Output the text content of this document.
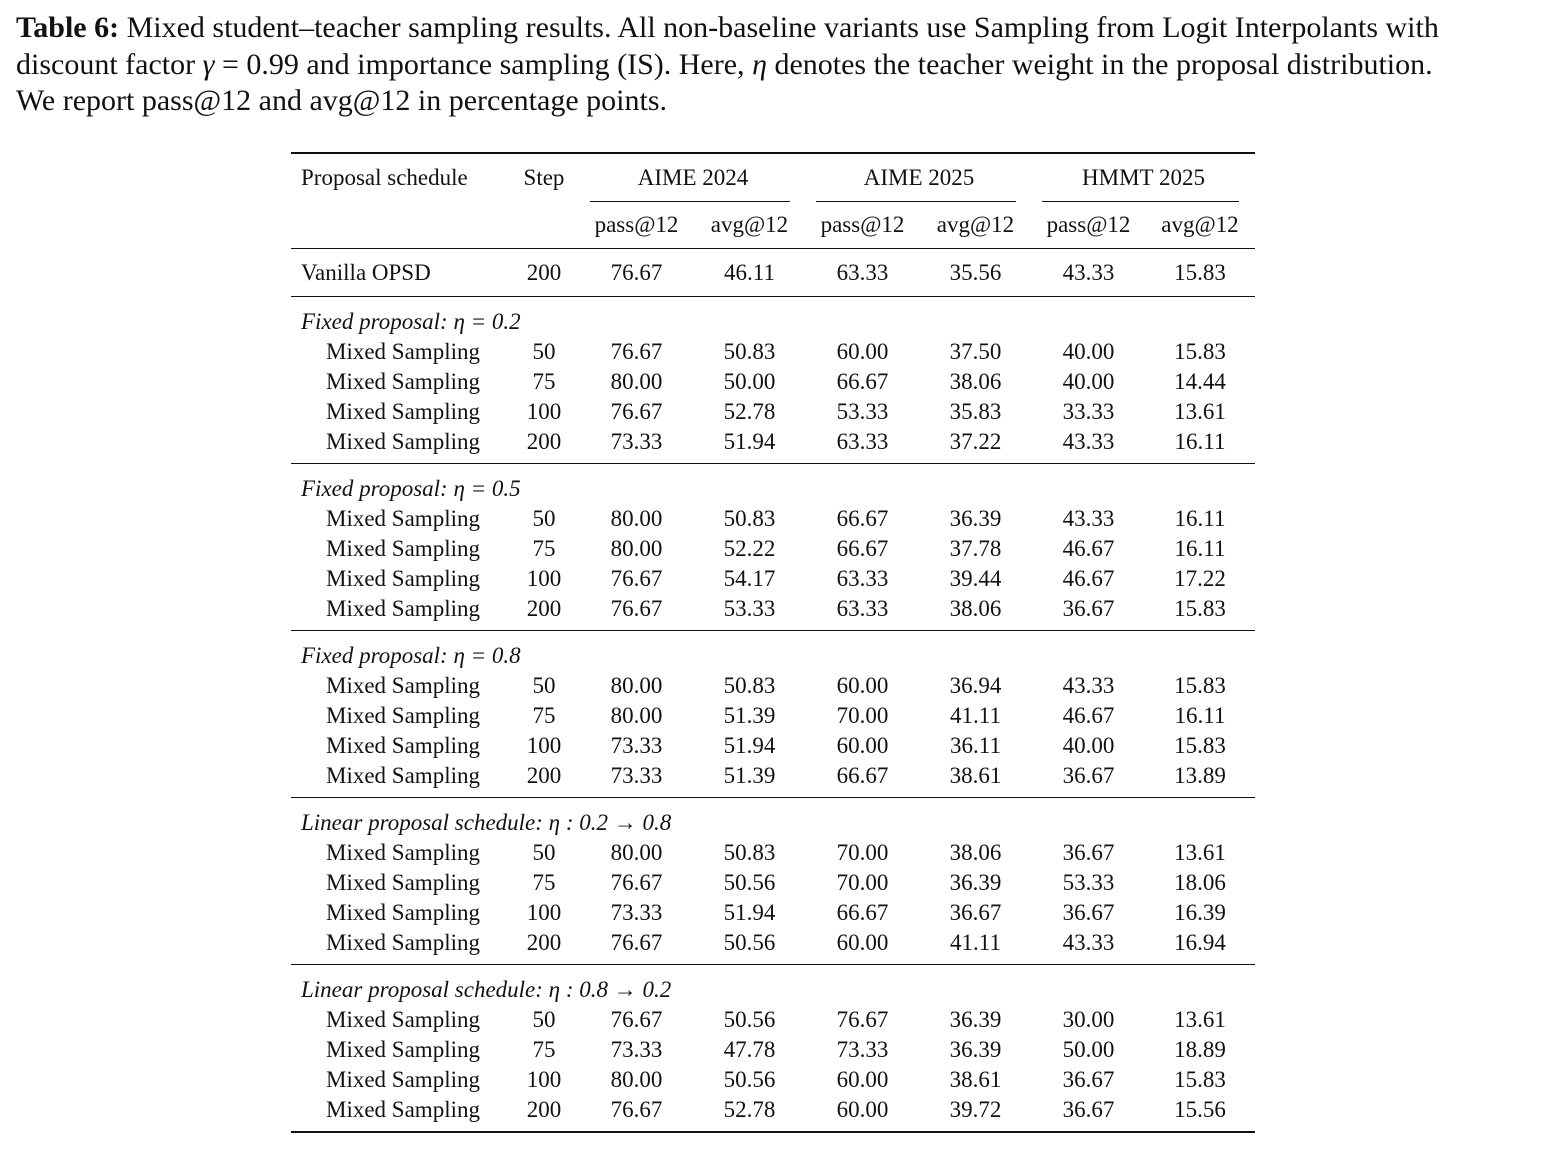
Table 6: Mixed student–teacher sampling results. All non-baseline variants use Sampling from Logit Interpolants with
discount factor γ = 0.99 and importance sampling (IS). Here, η denotes the teacher weight in the proposal distribution.
We report pass@12 and avg@12 in percentage points.

Proposal schedule	Step	AIME 2024		AIME 2025		HMMT 2025	

		pass@12	avg@12	pass@12	avg@12	pass@12	avg@12
Vanilla OPSD	200	76.67	46.11	63.33	35.56	43.33	15.83
Fixed proposal: η = 0.2							
Mixed Sampling	50	76.67	50.83	60.00	37.50	40.00	15.83
Mixed Sampling	75	80.00	50.00	66.67	38.06	40.00	14.44
Mixed Sampling	100	76.67	52.78	53.33	35.83	33.33	13.61
Mixed Sampling	200	73.33	51.94	63.33	37.22	43.33	16.11
Fixed proposal: η = 0.5							
Mixed Sampling	50	80.00	50.83	66.67	36.39	43.33	16.11
Mixed Sampling	75	80.00	52.22	66.67	37.78	46.67	16.11
Mixed Sampling	100	76.67	54.17	63.33	39.44	46.67	17.22
Mixed Sampling	200	76.67	53.33	63.33	38.06	36.67	15.83
Fixed proposal: η = 0.8							
Mixed Sampling	50	80.00	50.83	60.00	36.94	43.33	15.83
Mixed Sampling	75	80.00	51.39	70.00	41.11	46.67	16.11
Mixed Sampling	100	73.33	51.94	60.00	36.11	40.00	15.83
Mixed Sampling	200	73.33	51.39	66.67	38.61	36.67	13.89
Linear proposal schedule: η : 0.2 → 0.8							
Mixed Sampling	50	80.00	50.83	70.00	38.06	36.67	13.61
Mixed Sampling	75	76.67	50.56	70.00	36.39	53.33	18.06
Mixed Sampling	100	73.33	51.94	66.67	36.67	36.67	16.39
Mixed Sampling	200	76.67	50.56	60.00	41.11	43.33	16.94
Linear proposal schedule: η : 0.8 → 0.2							
Mixed Sampling	50	76.67	50.56	76.67	36.39	30.00	13.61
Mixed Sampling	75	73.33	47.78	73.33	36.39	50.00	18.89
Mixed Sampling	100	80.00	50.56	60.00	38.61	36.67	15.83
Mixed Sampling	200	76.67	52.78	60.00	39.72	36.67	15.56
